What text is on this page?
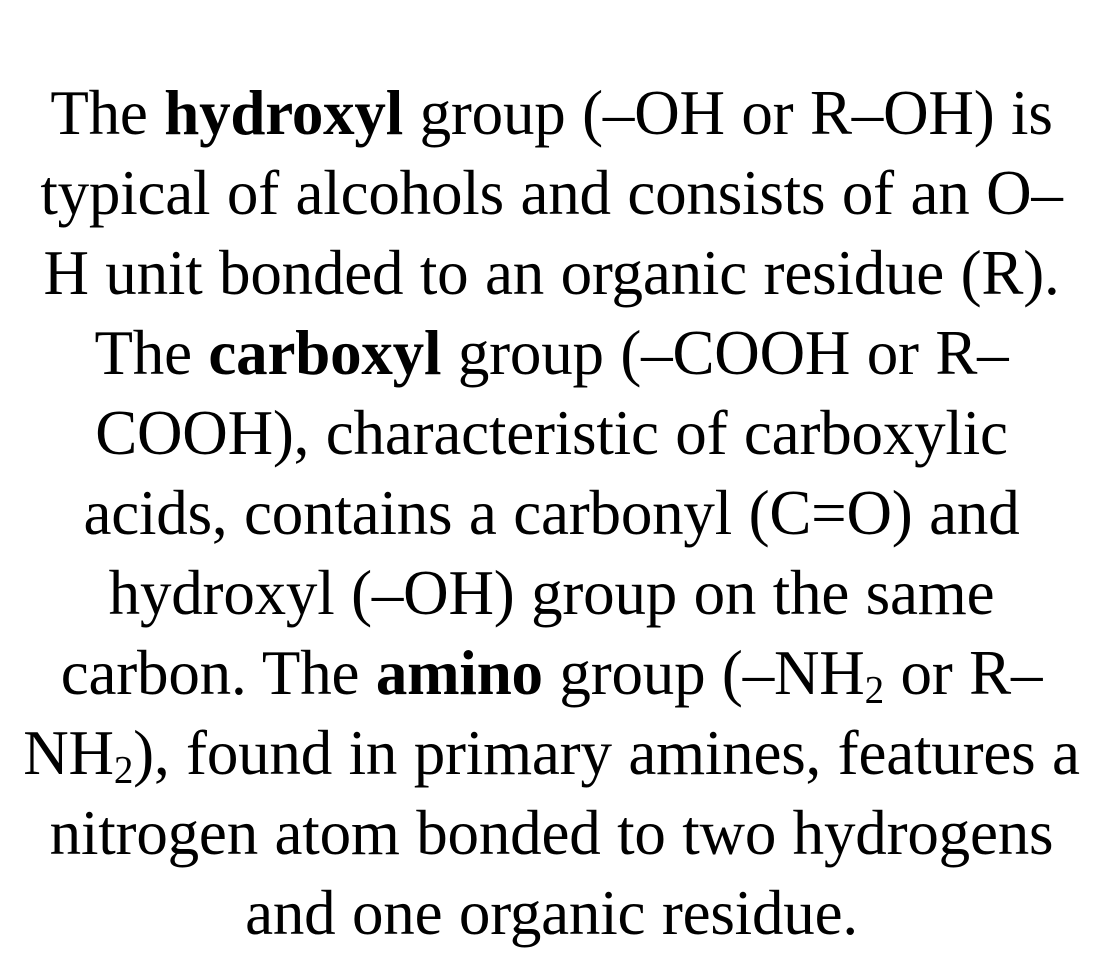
The hydroxyl group (–OH or R–OH) is typical of alcohols and consists of an O–H unit bonded to an organic residue (R). The carboxyl group (–COOH or R–COOH), characteristic of carboxylic acids, contains a carbonyl (C=O) and hydroxyl (–OH) group on the same carbon. The amino group ($-NH_2$ or $R-NH_2$), found in primary amines, features a nitrogen atom bonded to two hydrogens and one organic residue.
